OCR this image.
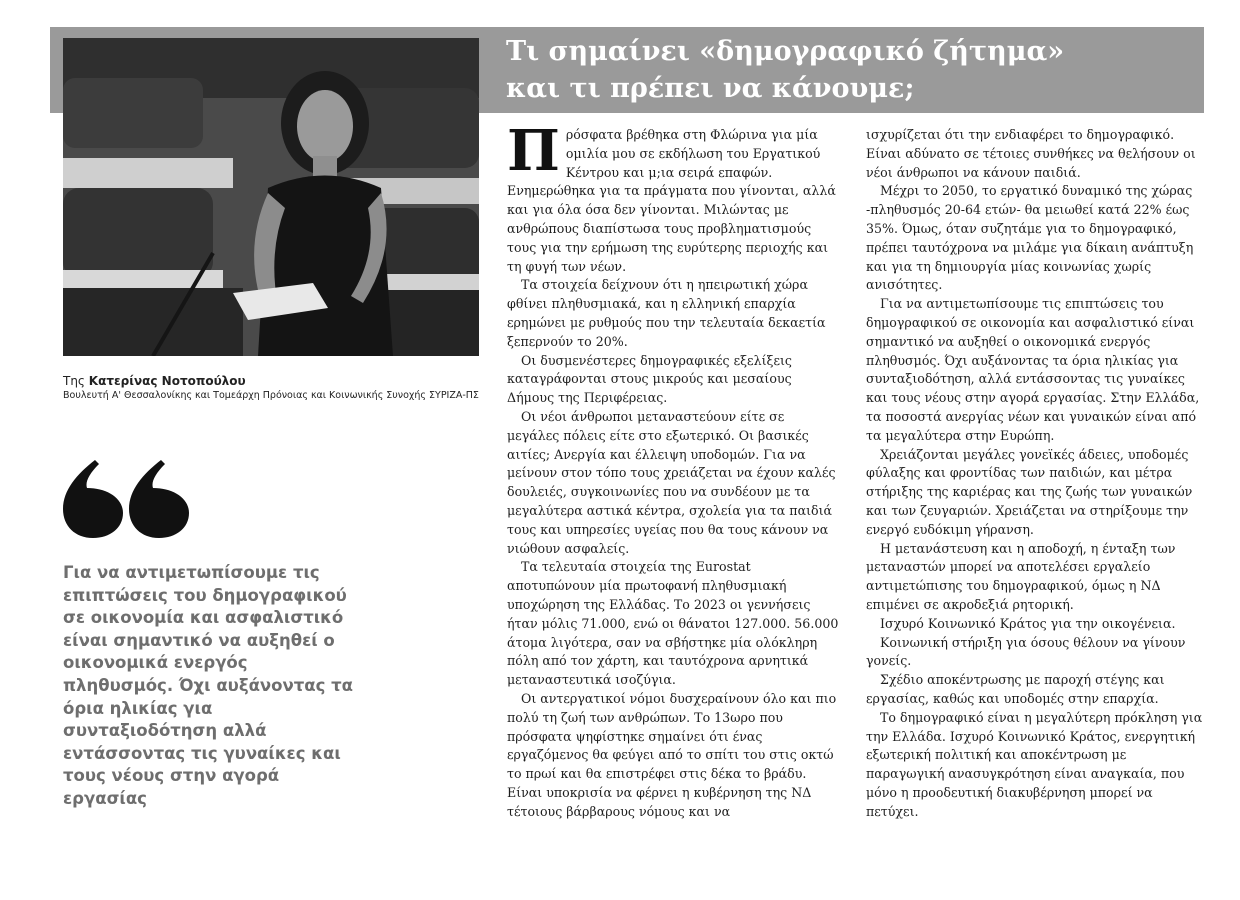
Τι σημαίνει «δημογραφικό ζήτημα»
και τι πρέπει να κάνουμε;
Της Κατερίνας Νοτοπούλου
Βουλευτή Α' Θεσσαλονίκης και Τομεάρχη Πρόνοιας και Κοινωνικής Συνοχής ΣΥΡΙΖΑ-ΠΣ

Για να αντιμετωπίσουμε τις επιπτώσεις του δημογραφικού σε οικονομία και ασφαλιστικό είναι σημαντικό να αυξηθεί ο οικονομικά ενεργός πληθυσμός. Όχι αυξάνοντας τα όρια ηλικίας για συνταξιοδότηση αλλά εντάσσοντας τις γυναίκες και τους νέους στην αγορά εργασίας

Πρόσφατα βρέθηκα στη Φλώρινα για μία ομιλία μου σε εκδήλωση του Εργατικού Κέντρου και μ;ια σειρά επαφών. Ενημερώθηκα για τα πράγματα που γίνονται, αλλά και για όλα όσα δεν γίνονται. Μιλώντας με ανθρώπους διαπίστωσα τους προβληματισμούς τους για την ερήμωση της ευρύτερης περιοχής και τη φυγή των νέων.

Τα στοιχεία δείχνουν ότι η ηπειρωτική χώρα φθίνει πληθυσμιακά, και η ελληνική επαρχία ερημώνει με ρυθμούς που την τελευταία δεκαετία ξεπερνούν το 20%.

Οι δυσμενέστερες δημογραφικές εξελίξεις καταγράφονται στους μικρούς και μεσαίους Δήμους της Περιφέρειας.

Οι νέοι άνθρωποι μεταναστεύουν είτε σε μεγάλες πόλεις είτε στο εξωτερικό. Οι βασικές αιτίες; Ανεργία και έλλειψη υποδομών. Για να μείνουν στον τόπο τους χρειάζεται να έχουν καλές δουλειές, συγκοινωνίες που να συνδέουν με τα μεγαλύτερα αστικά κέντρα, σχολεία για τα παιδιά τους και υπηρεσίες υγείας που θα τους κάνουν να νιώθουν ασφαλείς.

Τα τελευταία στοιχεία της Eurostat αποτυπώνουν μία πρωτοφανή πληθυσμιακή υποχώρηση της Ελλάδας. Το 2023 οι γεννήσεις ήταν μόλις 71.000, ενώ οι θάνατοι 127.000. 56.000 άτομα λιγότερα, σαν να σβήστηκε μία ολόκληρη πόλη από τον χάρτη, και ταυτόχρονα αρνητικά μεταναστευτικά ισοζύγια.

Οι αντεργατικοί νόμοι δυσχεραίνουν όλο και πιο πολύ τη ζωή των ανθρώπων. Το 13ωρο που πρόσφατα ψηφίστηκε σημαίνει ότι ένας εργαζόμενος θα φεύγει από το σπίτι του στις οκτώ το πρωί και θα επιστρέφει στις δέκα το βράδυ. Είναι υποκρισία να φέρνει η κυβέρνηση της ΝΔ τέτοιους βάρβαρους νόμους και να

ισχυρίζεται ότι την ενδιαφέρει το δημογραφικό. Είναι αδύνατο σε τέτοιες συνθήκες να θελήσουν οι νέοι άνθρωποι να κάνουν παιδιά.

Μέχρι το 2050, το εργατικό δυναμικό της χώρας -πληθυσμός 20-64 ετών- θα μειωθεί κατά 22% έως 35%. Όμως, όταν συζητάμε για το δημογραφικό, πρέπει ταυτόχρονα να μιλάμε για δίκαιη ανάπτυξη και για τη δημιουργία μίας κοινωνίας χωρίς ανισότητες.

Για να αντιμετωπίσουμε τις επιπτώσεις του δημογραφικού σε οικονομία και ασφαλιστικό είναι σημαντικό να αυξηθεί ο οικονομικά ενεργός πληθυσμός. Όχι αυξάνοντας τα όρια ηλικίας για συνταξιοδότηση, αλλά εντάσσοντας τις γυναίκες και τους νέους στην αγορά εργασίας. Στην Ελλάδα, τα ποσοστά ανεργίας νέων και γυναικών είναι από τα μεγαλύτερα στην Ευρώπη.

Χρειάζονται μεγάλες γονεϊκές άδειες, υποδομές φύλαξης και φροντίδας των παιδιών, και μέτρα στήριξης της καριέρας και της ζωής των γυναικών και των ζευγαριών. Χρειάζεται να στηρίξουμε την ενεργό ευδόκιμη γήρανση.

Η μετανάστευση και η αποδοχή, η ένταξη των μεταναστών μπορεί να αποτελέσει εργαλείο αντιμετώπισης του δημογραφικού, όμως η ΝΔ επιμένει σε ακροδεξιά ρητορική.

Ισχυρό Κοινωνικό Κράτος για την οικογένεια.

Κοινωνική στήριξη για όσους θέλουν να γίνουν γονείς.

Σχέδιο αποκέντρωσης με παροχή στέγης και εργασίας, καθώς και υποδομές στην επαρχία.

Το δημογραφικό είναι η μεγαλύτερη πρόκληση για την Ελλάδα. Ισχυρό Κοινωνικό Κράτος, ενεργητική εξωτερική πολιτική και αποκέντρωση με παραγωγική ανασυγκρότηση είναι αναγκαία, που μόνο η προοδευτική διακυβέρνηση μπορεί να πετύχει.
